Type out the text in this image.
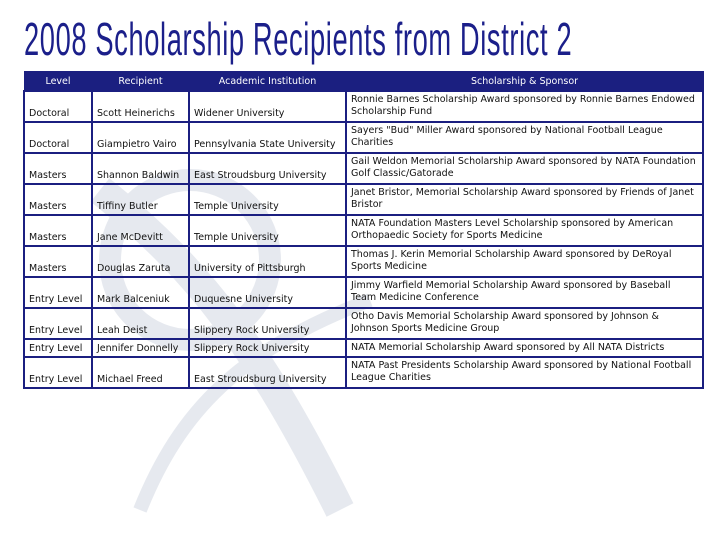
2008 Scholarship Recipients from District 2
Level	Recipient	Academic Institution	Scholarship & Sponsor
Doctoral	Scott Heinerichs	Widener University	Ronnie Barnes Scholarship Award sponsored by Ronnie Barnes Endowed Scholarship Fund
Doctoral	Giampietro Vairo	Pennsylvania State University	Sayers "Bud" Miller Award sponsored by National Football League Charities
Masters	Shannon Baldwin	East Stroudsburg University	Gail Weldon Memorial Scholarship Award sponsored by NATA Foundation Golf Classic/Gatorade
Masters	Tiffiny Butler	Temple University	Janet Bristor, Memorial Scholarship Award sponsored by Friends of Janet Bristor
Masters	Jane McDevitt	Temple University	NATA Foundation Masters Level Scholarship sponsored by American Orthopaedic Society for Sports Medicine
Masters	Douglas Zaruta	University of Pittsburgh	Thomas J. Kerin Memorial Scholarship Award sponsored by DeRoyal Sports Medicine
Entry Level	Mark Balceniuk	Duquesne University	Jimmy Warfield Memorial Scholarship Award sponsored by Baseball Team Medicine Conference
Entry Level	Leah Deist	Slippery Rock University	Otho Davis Memorial Scholarship Award sponsored by Johnson & Johnson Sports Medicine Group
Entry Level	Jennifer Donnelly	Slippery Rock University	NATA Memorial Scholarship Award sponsored by All NATA Districts
Entry Level	Michael Freed	East Stroudsburg University	NATA Past Presidents Scholarship Award sponsored by National Football League Charities
